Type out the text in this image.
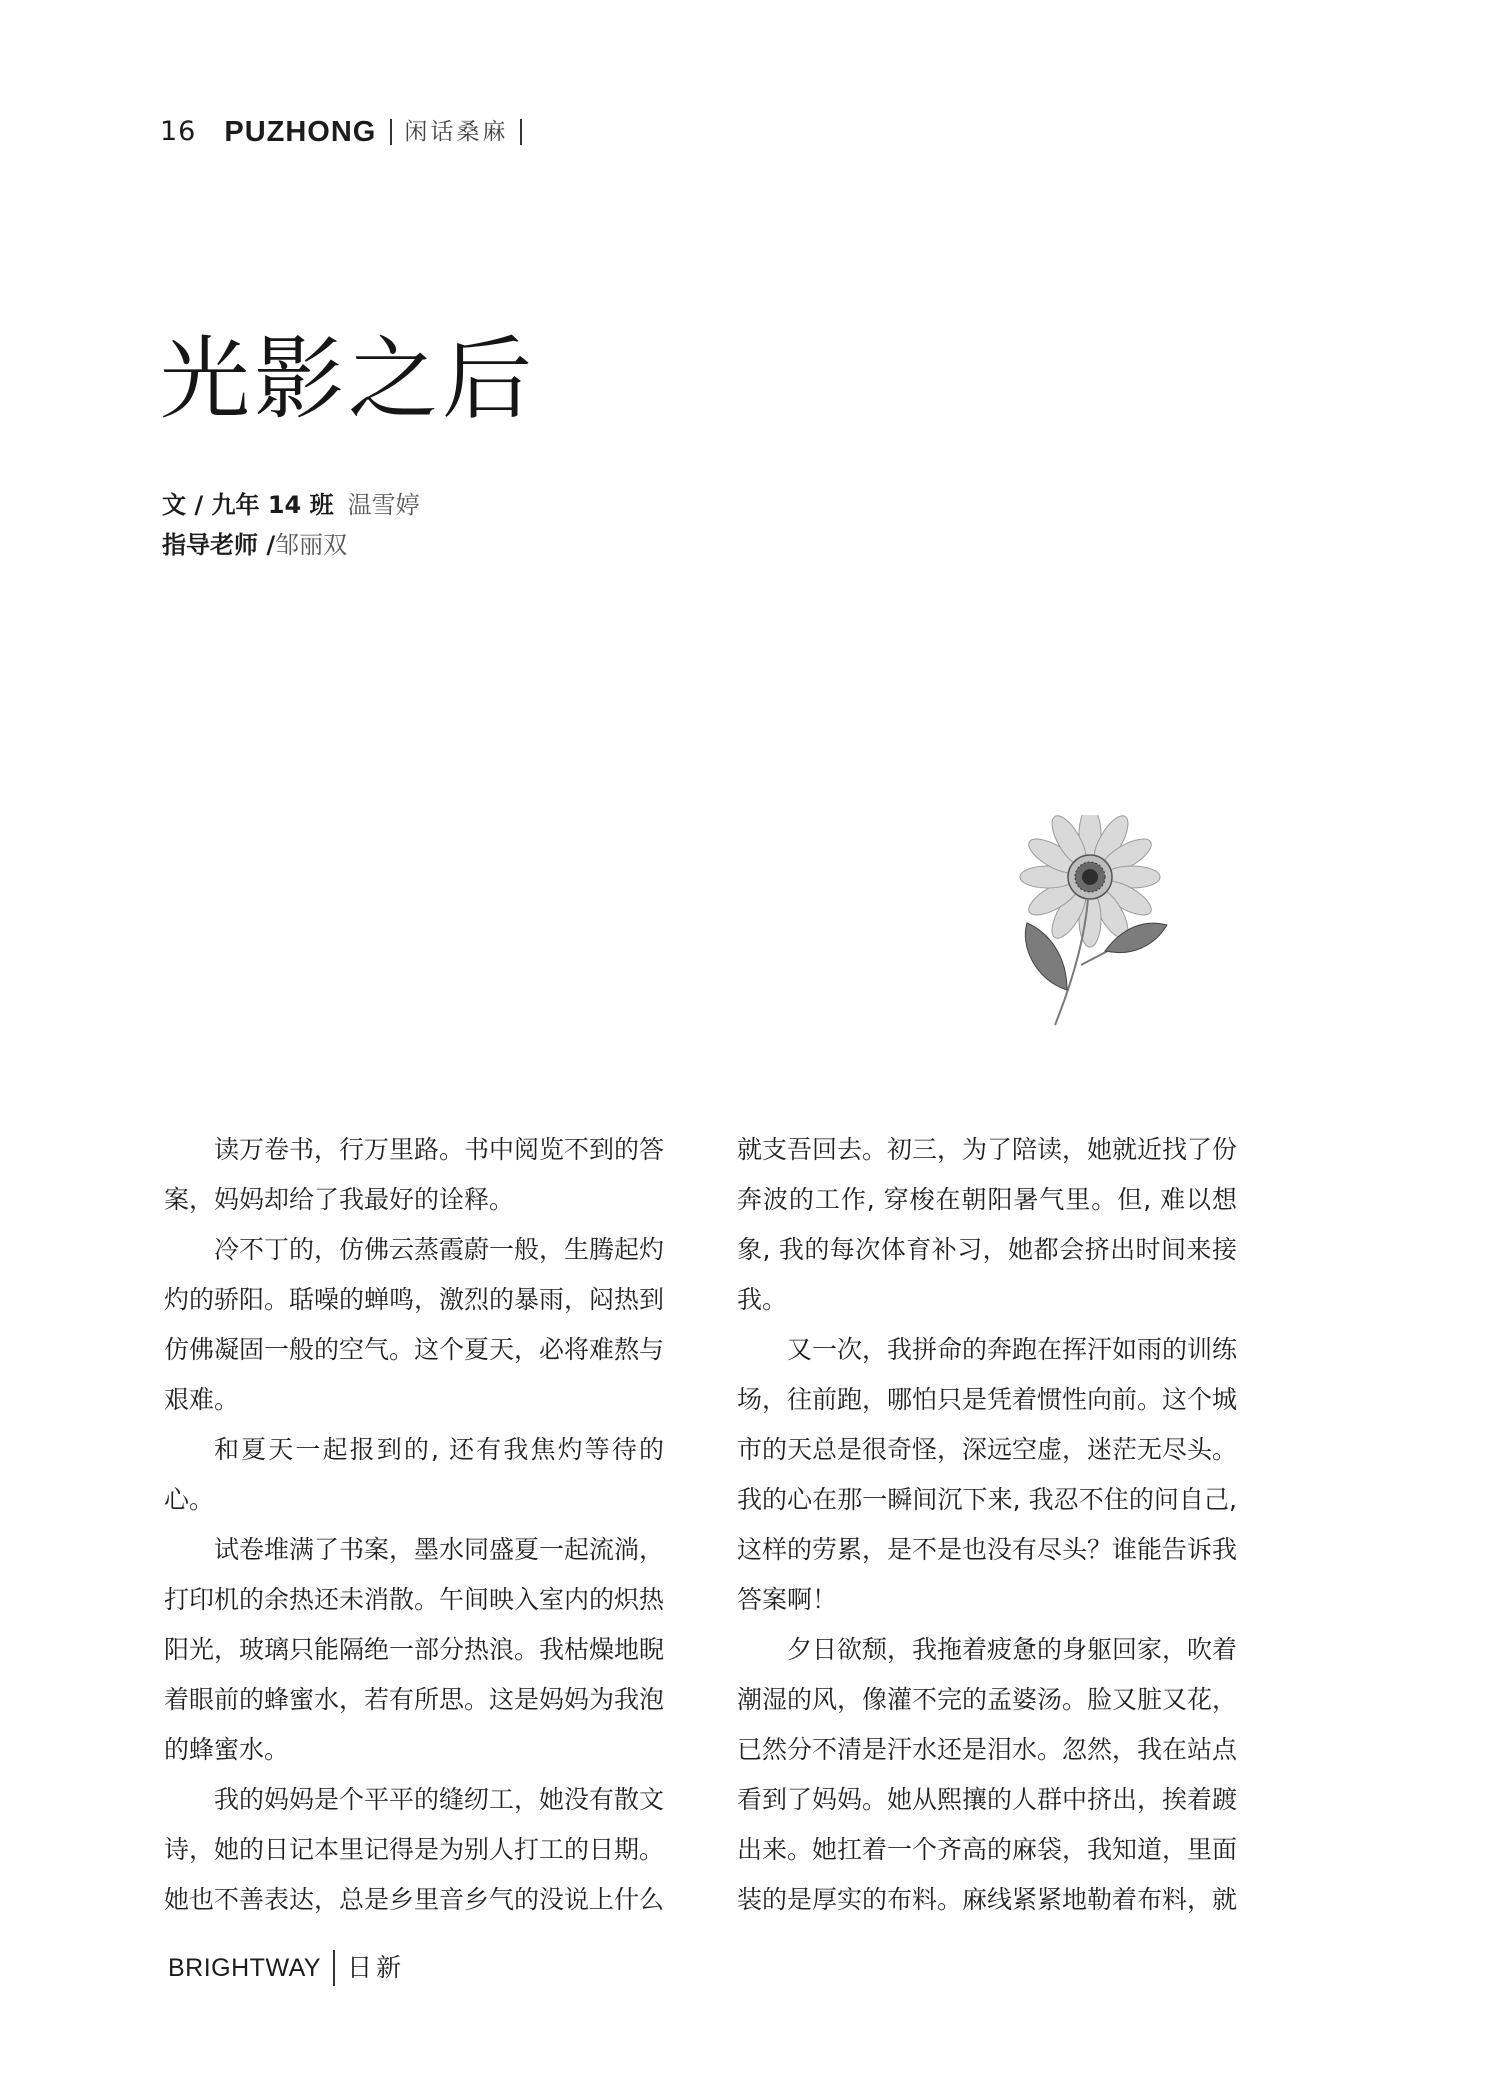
16 PUZHONG	闲话桑麻
光影之后
文 / 九年 14 班 温雪婷
指导老师 /邹丽双

读万卷书，行万里路。书中阅览不到的答案，妈妈却给了我最好的诠释。

冷不丁的，仿佛云蒸霞蔚一般，生腾起灼灼的骄阳。聒噪的蝉鸣，激烈的暴雨，闷热到仿佛凝固一般的空气。这个夏天，必将难熬与艰难。

和夏天一起报到的, 还有我焦灼等待的心。

试卷堆满了书案，墨水同盛夏一起流淌，打印机的余热还未消散。午间映入室内的炽热阳光，玻璃只能隔绝一部分热浪。我枯燥地睨着眼前的蜂蜜水，若有所思。这是妈妈为我泡的蜂蜜水。

我的妈妈是个平平的缝纫工，她没有散文诗，她的日记本里记得是为别人打工的日期。她也不善表达，总是乡里音乡气的没说上什么

就支吾回去。初三，为了陪读，她就近找了份奔波的工作, 穿梭在朝阳暑气里。但, 难以想象, 我的每次体育补习，她都会挤出时间来接我。

又一次，我拼命的奔跑在挥汗如雨的训练场，往前跑，哪怕只是凭着惯性向前。这个城市的天总是很奇怪，深远空虚，迷茫无尽头。我的心在那一瞬间沉下来, 我忍不住的问自己, 这样的劳累，是不是也没有尽头？谁能告诉我答案啊！

夕日欲颓，我拖着疲惫的身躯回家，吹着潮湿的风，像灌不完的孟婆汤。脸又脏又花，已然分不清是汗水还是泪水。忽然，我在站点看到了妈妈。她从熙攘的人群中挤出，挨着踱出来。她扛着一个齐高的麻袋，我知道，里面装的是厚实的布料。麻线紧紧地勒着布料，就

BRIGHTWAY	日新
